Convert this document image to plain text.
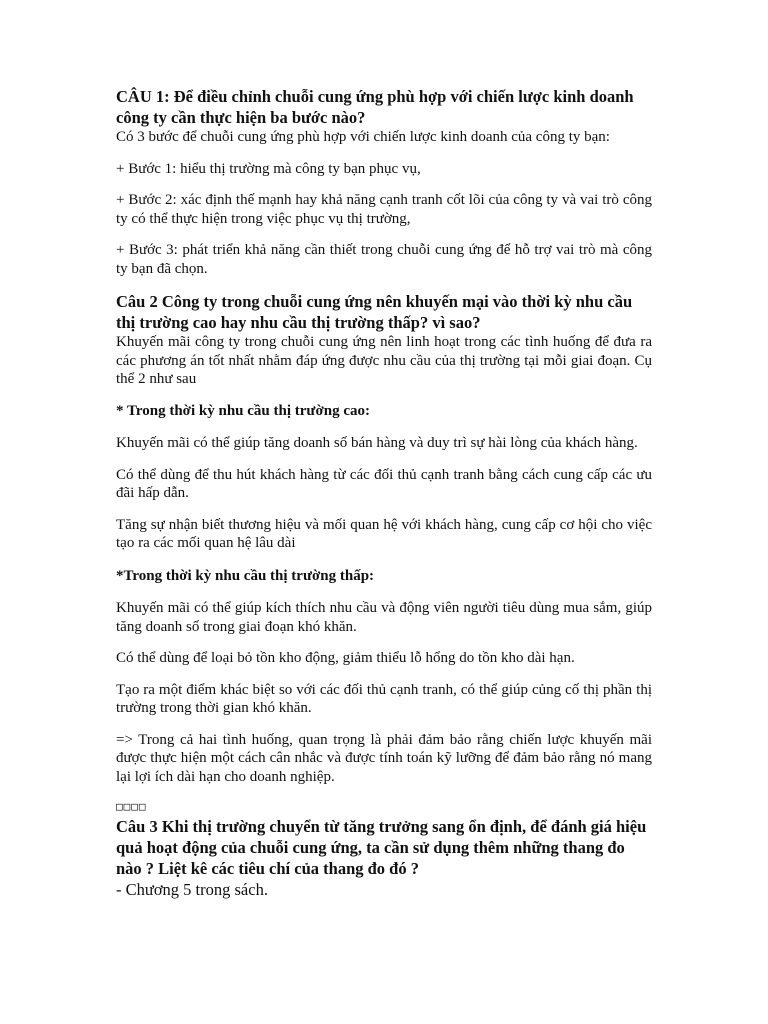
CÂU 1: Để điều chỉnh chuỗi cung ứng phù hợp với chiến lược kinh doanh công ty cần thực hiện ba bước nào?

Có 3 bước để chuỗi cung ứng phù hợp với chiến lược kinh doanh của công ty bạn:

+ Bước 1: hiểu thị trường mà công ty bạn phục vụ,

+ Bước 2: xác định thế mạnh hay khả năng cạnh tranh cốt lõi của công ty và vai trò công ty có thể thực hiện trong việc phục vụ thị trường,

+ Bước 3: phát triển khả năng cần thiết trong chuỗi cung ứng để hỗ trợ vai trò mà công ty bạn đã chọn.

Câu 2 Công ty trong chuỗi cung ứng nên khuyến mại vào thời kỳ nhu cầu thị trường cao hay nhu cầu thị trường thấp? vì sao?

Khuyến mãi công ty trong chuỗi cung ứng nên linh hoạt trong các tình huống để đưa ra các phương án tốt nhất nhằm đáp ứng được nhu cầu của thị trường tại mỗi giai đoạn. Cụ thể 2 như sau

* Trong thời kỳ nhu cầu thị trường cao:

Khuyến mãi có thể giúp tăng doanh số bán hàng và duy trì sự hài lòng của khách hàng.

Có thể dùng để thu hút khách hàng từ các đối thủ cạnh tranh bằng cách cung cấp các ưu đãi hấp dẫn.

Tăng sự nhận biết thương hiệu và mối quan hệ với khách hàng, cung cấp cơ hội cho việc tạo ra các mối quan hệ lâu dài

*Trong thời kỳ nhu cầu thị trường thấp:

Khuyến mãi có thể giúp kích thích nhu cầu và động viên người tiêu dùng mua sắm, giúp tăng doanh số trong giai đoạn khó khăn.

Có thể dùng để loại bỏ tồn kho động, giảm thiểu lỗ hổng do tồn kho dài hạn.

Tạo ra một điểm khác biệt so với các đối thủ cạnh tranh, có thể giúp củng cố thị phần thị trường trong thời gian khó khăn.

=> Trong cả hai tình huống, quan trọng là phải đảm bảo rằng chiến lược khuyến mãi được thực hiện một cách cân nhắc và được tính toán kỹ lưỡng để đảm bảo rằng nó mang lại lợi ích dài hạn cho doanh nghiệp.

□□□□

Câu 3 Khi thị trường chuyển từ tăng trưởng sang ổn định, để đánh giá hiệu quả hoạt động của chuỗi cung ứng, ta cần sử dụng thêm những thang đo nào ? Liệt kê các tiêu chí của thang đo đó ?

- Chương 5 trong sách.
